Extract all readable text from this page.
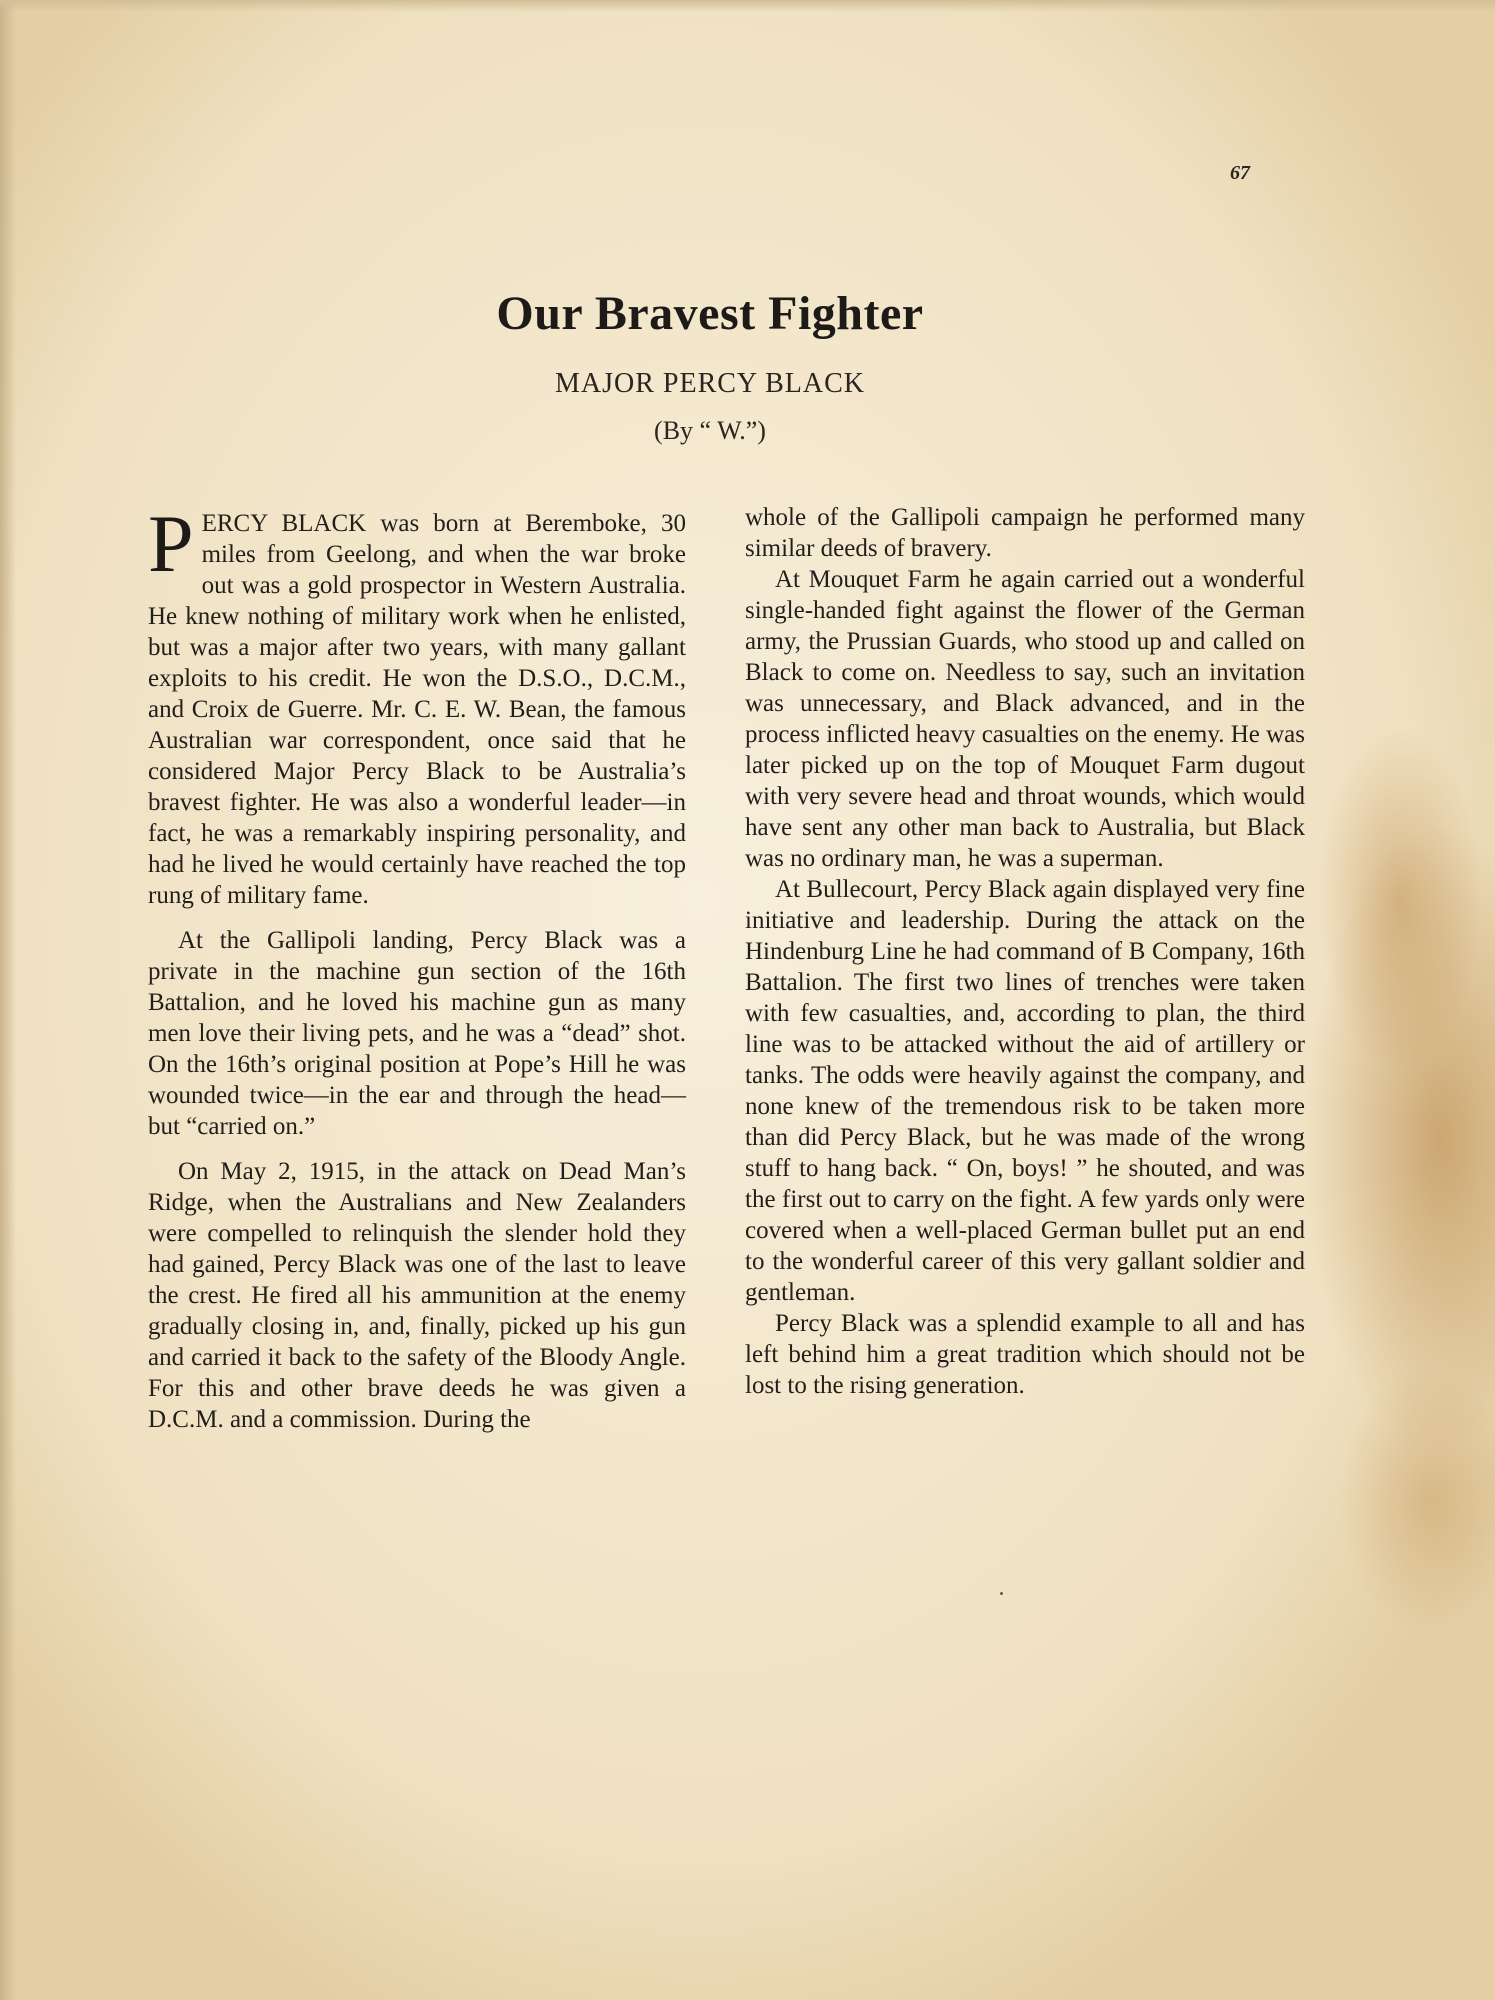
67
Our Bravest Fighter
MAJOR PERCY BLACK
(By “ W.”)

PERCY BLACK was born at Beremboke, 30 miles from Geelong, and when the war broke out was a gold prospector in Western Australia. He knew nothing of military work when he enlisted, but was a major after two years, with many gallant exploits to his credit. He won the D.S.O., D.C.M., and Croix de Guerre. Mr. C. E. W. Bean, the famous Australian war correspondent, once said that he considered Major Percy Black to be Australia’s bravest fighter. He was also a wonderful leader—in fact, he was a remarkably inspiring personality, and had he lived he would certainly have reached the top rung of military fame.

At the Gallipoli landing, Percy Black was a private in the machine gun section of the 16th Battalion, and he loved his machine gun as many men love their living pets, and he was a “dead” shot. On the 16th’s original position at Pope’s Hill he was wounded twice—in the ear and through the head—but “carried on.”

On May 2, 1915, in the attack on Dead Man’s Ridge, when the Australians and New Zealanders were compelled to relinquish the slender hold they had gained, Percy Black was one of the last to leave the crest. He fired all his ammunition at the enemy gradually closing in, and, finally, picked up his gun and carried it back to the safety of the Bloody Angle. For this and other brave deeds he was given a D.C.M. and a commission. During the

whole of the Gallipoli campaign he performed many similar deeds of bravery.

At Mouquet Farm he again carried out a wonderful single-handed fight against the flower of the German army, the Prussian Guards, who stood up and called on Black to come on. Needless to say, such an invitation was unnecessary, and Black advanced, and in the process inflicted heavy casualties on the enemy. He was later picked up on the top of Mouquet Farm dugout with very severe head and throat wounds, which would have sent any other man back to Australia, but Black was no ordinary man, he was a superman.

At Bullecourt, Percy Black again displayed very fine initiative and leadership. During the attack on the Hindenburg Line he had command of B Company, 16th Battalion. The first two lines of trenches were taken with few casualties, and, according to plan, the third line was to be attacked without the aid of artillery or tanks. The odds were heavily against the company, and none knew of the tremendous risk to be taken more than did Percy Black, but he was made of the wrong stuff to hang back. “ On, boys! ” he shouted, and was the first out to carry on the fight. A few yards only were covered when a well-placed German bullet put an end to the wonderful career of this very gallant soldier and gentleman.

Percy Black was a splendid example to all and has left behind him a great tradition which should not be lost to the rising generation.
